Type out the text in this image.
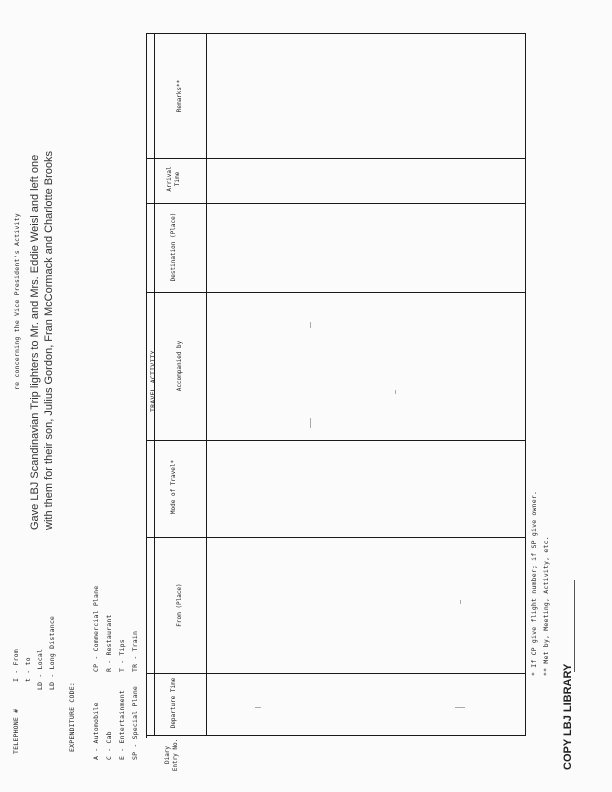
TELEPHONE #
I - From t - to LD - Local LD - Long Distance
EXPENDITURE CODE: A - Automobile C - Cab E - Entertainment SP - Special Plane
CP - Commercial Plane R - Restaurant T - Tips TR - Train
re concerning the Vice President's Activity Gave LBJ Scandinavian Trip lighters to Mr. and Mrs. Eddie Weisl and left one with them for their son, Julius Gordon, Fran McCormack and Charlotte Brooks	TRAVEL ACTIVITY
Diary Entry No.
Departure Time
From (Place)
Mode of Travel*
Accompanied by
Destination (Place)
Arrival Time
Remarks**
* If CP give flight number; if SP give owner. ** Met by, Meeting, Activity, etc.
COPY LBJ LIBRARY
